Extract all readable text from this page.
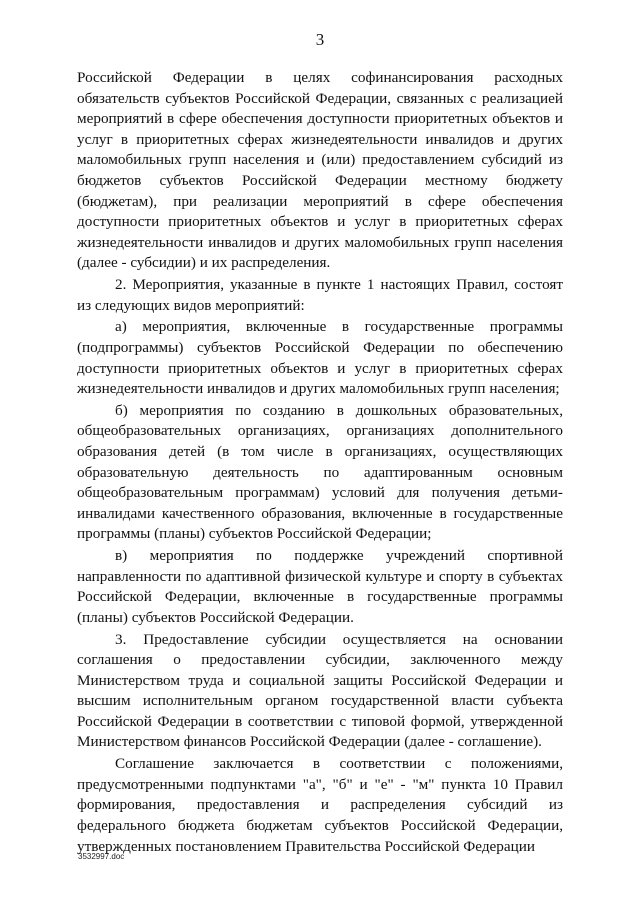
3

Российской Федерации в целях софинансирования расходных обязательств субъектов Российской Федерации, связанных с реализацией мероприятий в сфере обеспечения доступности приоритетных объектов и услуг в приоритетных сферах жизнедеятельности инвалидов и других маломобильных групп населения и (или) предоставлением субсидий из бюджетов субъектов Российской Федерации местному бюджету (бюджетам), при реализации мероприятий в сфере обеспечения доступности приоритетных объектов и услуг в приоритетных сферах жизнедеятельности инвалидов и других маломобильных групп населения (далее - субсидии) и их распределения.

2. Мероприятия, указанные в пункте 1 настоящих Правил, состоят из следующих видов мероприятий:

а) мероприятия, включенные в государственные программы (подпрограммы) субъектов Российской Федерации по обеспечению доступности приоритетных объектов и услуг в приоритетных сферах жизнедеятельности инвалидов и других маломобильных групп населения;

б) мероприятия по созданию в дошкольных образовательных, общеобразовательных организациях, организациях дополнительного образования детей (в том числе в организациях, осуществляющих образовательную деятельность по адаптированным основным общеобразовательным программам) условий для получения детьми-инвалидами качественного образования, включенные в государственные программы (планы) субъектов Российской Федерации;

в) мероприятия по поддержке учреждений спортивной направленности по адаптивной физической культуре и спорту в субъектах Российской Федерации, включенные в государственные программы (планы) субъектов Российской Федерации.

3. Предоставление субсидии осуществляется на основании соглашения о предоставлении субсидии, заключенного между Министерством труда и социальной защиты Российской Федерации и высшим исполнительным органом государственной власти субъекта Российской Федерации в соответствии с типовой формой, утвержденной Министерством финансов Российской Федерации (далее - соглашение).

Соглашение заключается в соответствии с положениями, предусмотренными подпунктами "а", "б" и "е" - "м" пункта 10 Правил формирования, предоставления и распределения субсидий из федерального бюджета бюджетам субъектов Российской Федерации, утвержденных постановлением Правительства Российской Федерации

3532997.doc
